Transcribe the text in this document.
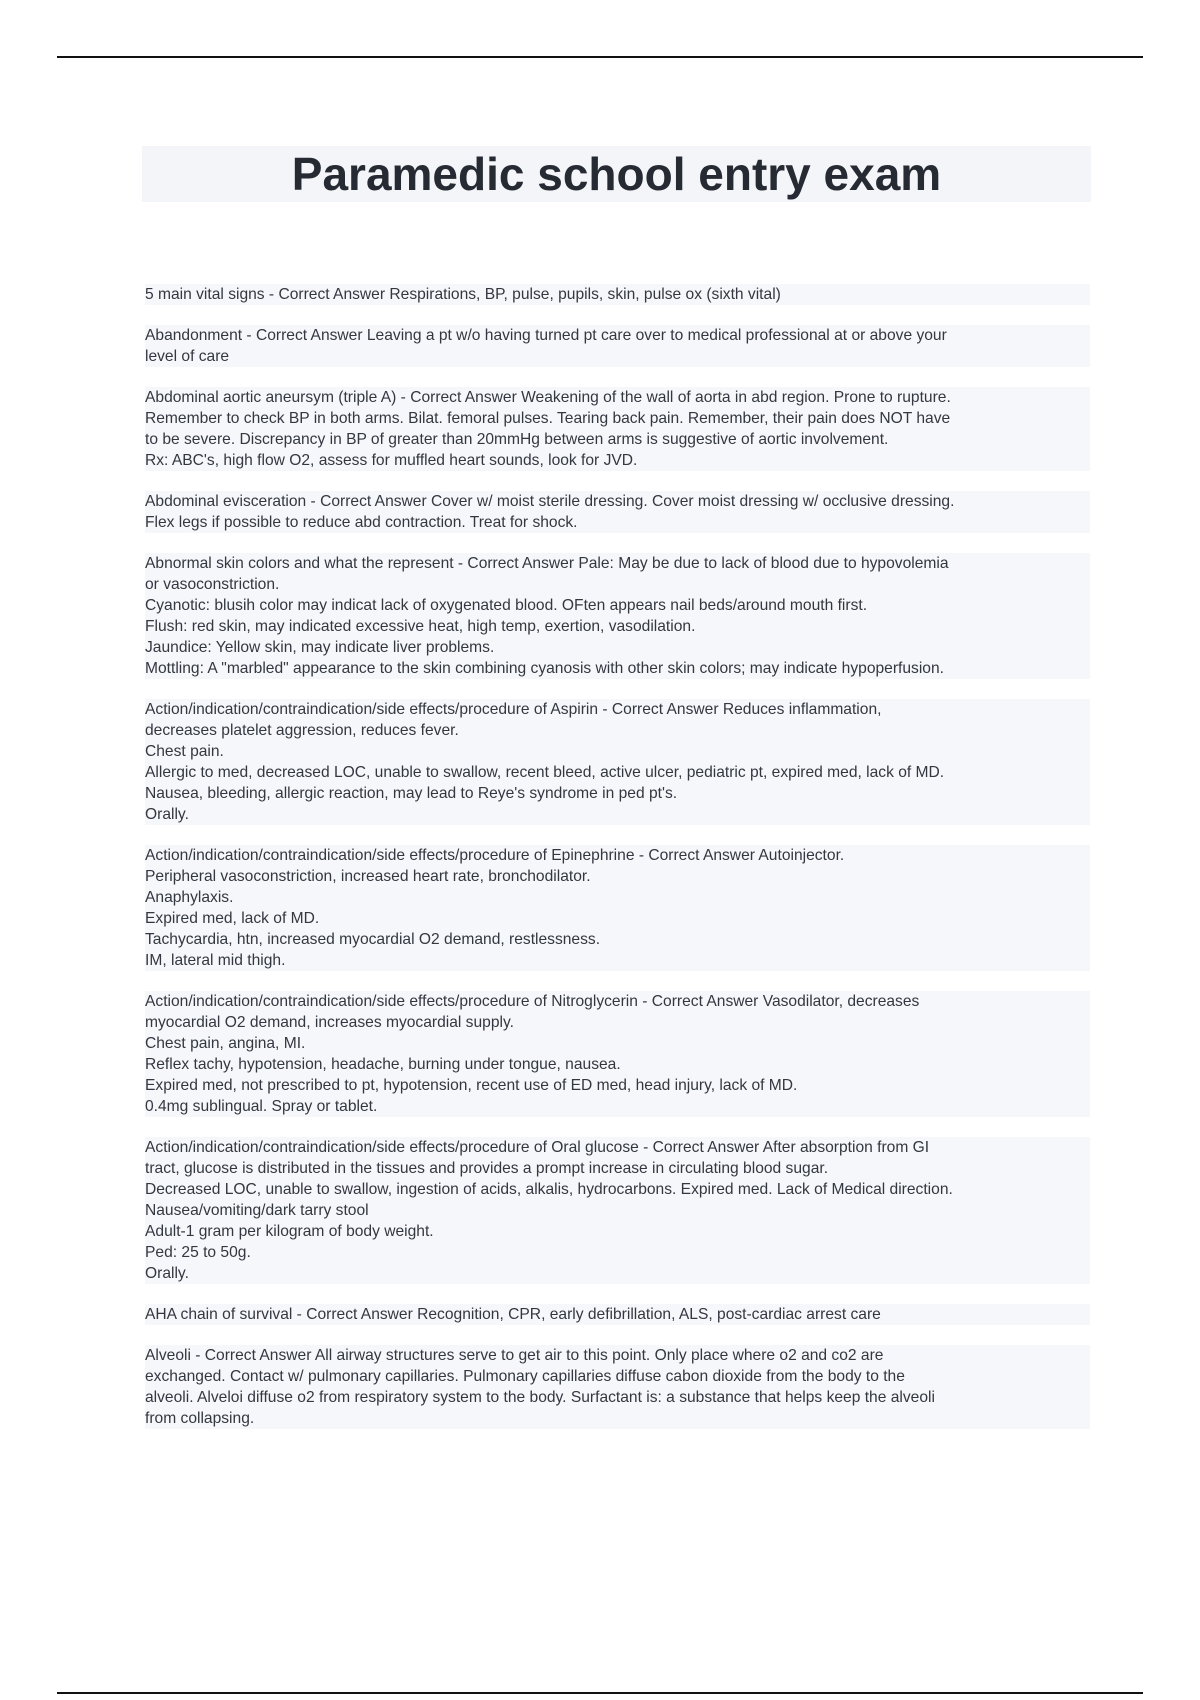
Paramedic school entry exam
5 main vital signs - Correct Answer Respirations, BP, pulse, pupils, skin, pulse ox (sixth vital)
Abandonment - Correct Answer Leaving a pt w/o having turned pt care over to medical professional at or above your
level of care
Abdominal aortic aneursym (triple A) - Correct Answer Weakening of the wall of aorta in abd region. Prone to rupture.
Remember to check BP in both arms. Bilat. femoral pulses. Tearing back pain. Remember, their pain does NOT have
to be severe. Discrepancy in BP of greater than 20mmHg between arms is suggestive of aortic involvement.
Rx: ABC's, high flow O2, assess for muffled heart sounds, look for JVD.
Abdominal evisceration - Correct Answer Cover w/ moist sterile dressing. Cover moist dressing w/ occlusive dressing.
Flex legs if possible to reduce abd contraction. Treat for shock.
Abnormal skin colors and what the represent - Correct Answer Pale: May be due to lack of blood due to hypovolemia
or vasoconstriction.
Cyanotic: blusih color may indicat lack of oxygenated blood. OFten appears nail beds/around mouth first.
Flush: red skin, may indicated excessive heat, high temp, exertion, vasodilation.
Jaundice: Yellow skin, may indicate liver problems.
Mottling: A "marbled" appearance to the skin combining cyanosis with other skin colors; may indicate hypoperfusion.
Action/indication/contraindication/side effects/procedure of Aspirin - Correct Answer Reduces inflammation,
decreases platelet aggression, reduces fever.
Chest pain.
Allergic to med, decreased LOC, unable to swallow, recent bleed, active ulcer, pediatric pt, expired med, lack of MD.
Nausea, bleeding, allergic reaction, may lead to Reye's syndrome in ped pt's.
Orally.
Action/indication/contraindication/side effects/procedure of Epinephrine - Correct Answer Autoinjector.
Peripheral vasoconstriction, increased heart rate, bronchodilator.
Anaphylaxis.
Expired med, lack of MD.
Tachycardia, htn, increased myocardial O2 demand, restlessness.
IM, lateral mid thigh.
Action/indication/contraindication/side effects/procedure of Nitroglycerin - Correct Answer Vasodilator, decreases
myocardial O2 demand, increases myocardial supply.
Chest pain, angina, MI.
Reflex tachy, hypotension, headache, burning under tongue, nausea.
Expired med, not prescribed to pt, hypotension, recent use of ED med, head injury, lack of MD.
0.4mg sublingual. Spray or tablet.
Action/indication/contraindication/side effects/procedure of Oral glucose - Correct Answer After absorption from GI
tract, glucose is distributed in the tissues and provides a prompt increase in circulating blood sugar.
Decreased LOC, unable to swallow, ingestion of acids, alkalis, hydrocarbons. Expired med. Lack of Medical direction.
Nausea/vomiting/dark tarry stool
Adult-1 gram per kilogram of body weight.
Ped: 25 to 50g.
Orally.
AHA chain of survival - Correct Answer Recognition, CPR, early defibrillation, ALS, post-cardiac arrest care
Alveoli - Correct Answer All airway structures serve to get air to this point. Only place where o2 and co2 are
exchanged. Contact w/ pulmonary capillaries. Pulmonary capillaries diffuse cabon dioxide from the body to the
alveoli. Alveloi diffuse o2 from respiratory system to the body. Surfactant is: a substance that helps keep the alveoli
from collapsing.
